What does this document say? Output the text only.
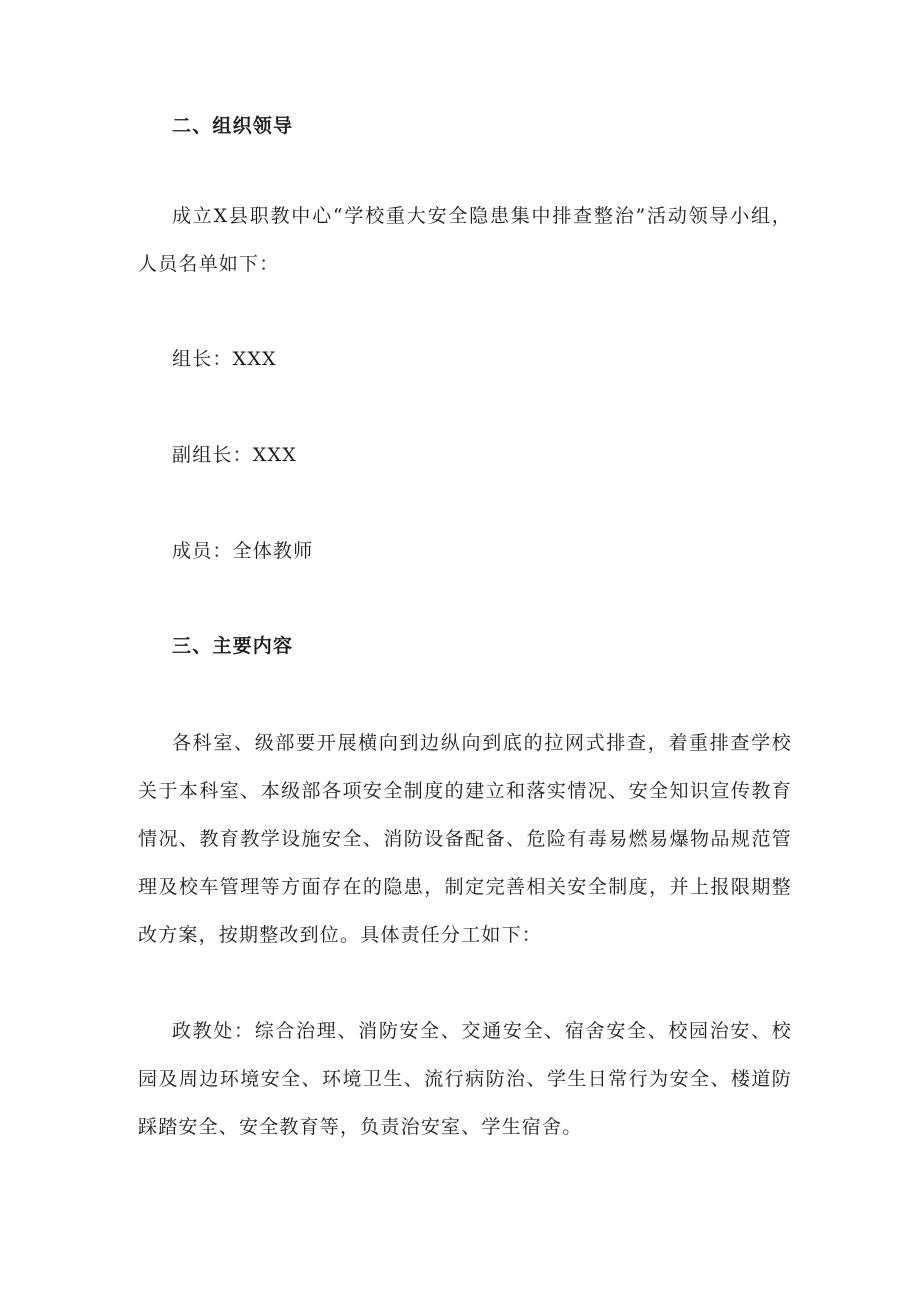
二、组织领导

成立X县职教中心“学校重大安全隐患集中排查整治”活动领导小组，人员名单如下：

组长：XXX

副组长：XXX

成员：全体教师

三、主要内容

各科室、级部要开展横向到边纵向到底的拉网式排查，着重排查学校关于本科室、本级部各项安全制度的建立和落实情况、安全知识宣传教育情况、教育教学设施安全、消防设备配备、危险有毒易燃易爆物品规范管理及校车管理等方面存在的隐患，制定完善相关安全制度，并上报限期整改方案，按期整改到位。具体责任分工如下：

政教处：综合治理、消防安全、交通安全、宿舍安全、校园治安、校园及周边环境安全、环境卫生、流行病防治、学生日常行为安全、楼道防踩踏安全、安全教育等，负责治安室、学生宿舍。
